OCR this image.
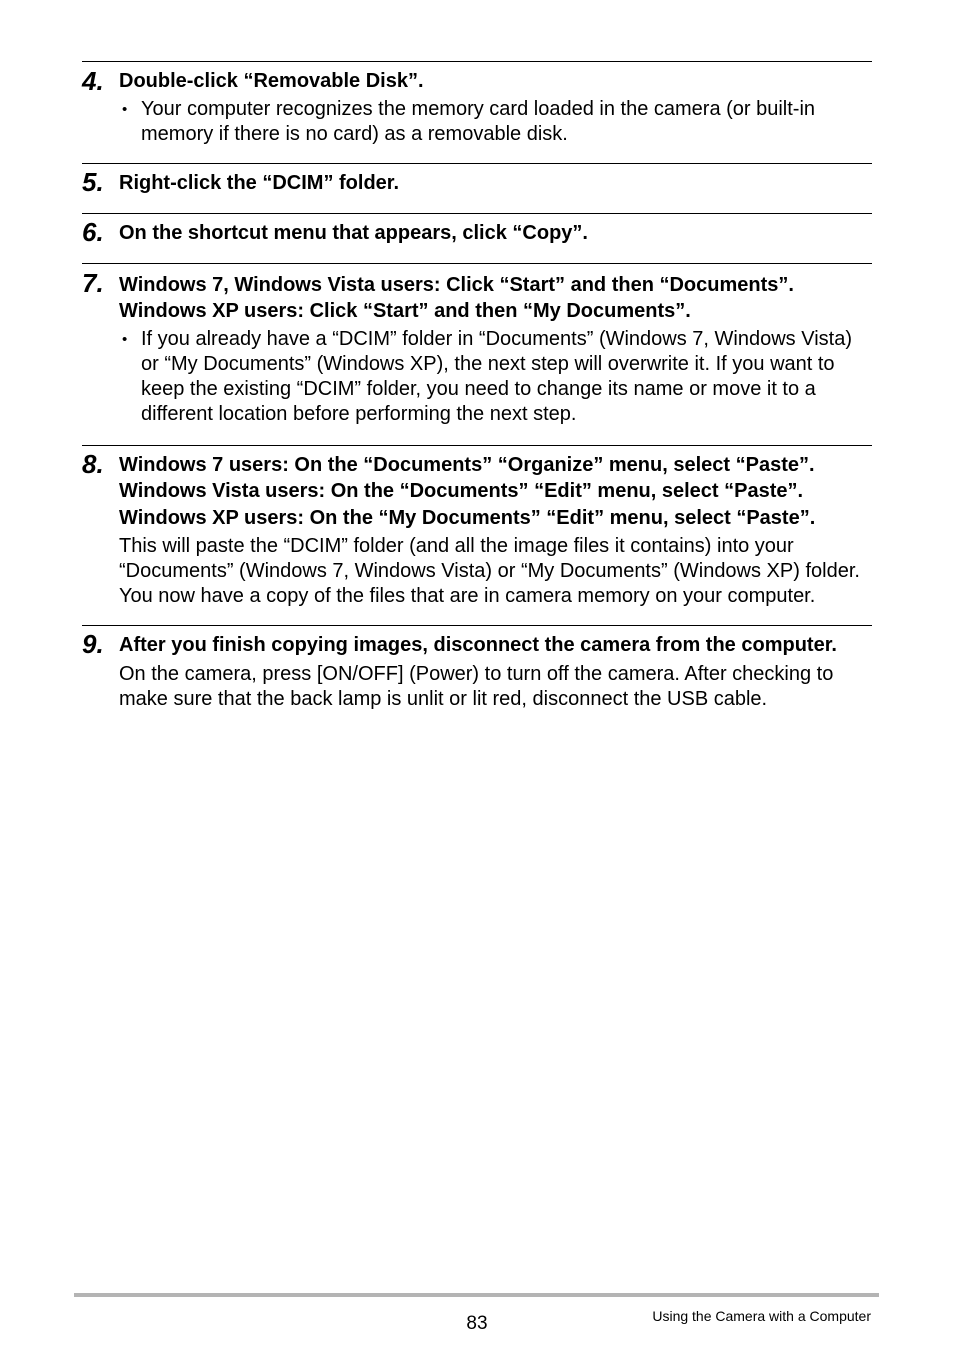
4. Double-click “Removable Disk”.

• Your computer recognizes the memory card loaded in the camera (or built-in memory if there is no card) as a removable disk.
5. Right-click the “DCIM” folder.

6. On the shortcut menu that appears, click “Copy”.

7. Windows 7, Windows Vista users: Click “Start” and then “Documents”.

Windows XP users: Click “Start” and then “My Documents”.

• If you already have a “DCIM” folder in “Documents” (Windows 7, Windows Vista) or “My Documents” (Windows XP), the next step will overwrite it. If you want to keep the existing “DCIM” folder, you need to change its name or move it to a different location before performing the next step.
8. Windows 7 users: On the “Documents” “Organize” menu, select “Paste”.

Windows Vista users: On the “Documents” “Edit” menu, select “Paste”.

Windows XP users: On the “My Documents” “Edit” menu, select “Paste”.

This will paste the “DCIM” folder (and all the image files it contains) into your “Documents” (Windows 7, Windows Vista) or “My Documents” (Windows XP) folder. You now have a copy of the files that are in camera memory on your computer.

9. After you finish copying images, disconnect the camera from the computer.

On the camera, press [ON/OFF] (Power) to turn off the camera. After checking to make sure that the back lamp is unlit or lit red, disconnect the USB cable.

83	Using the Camera with a Computer
